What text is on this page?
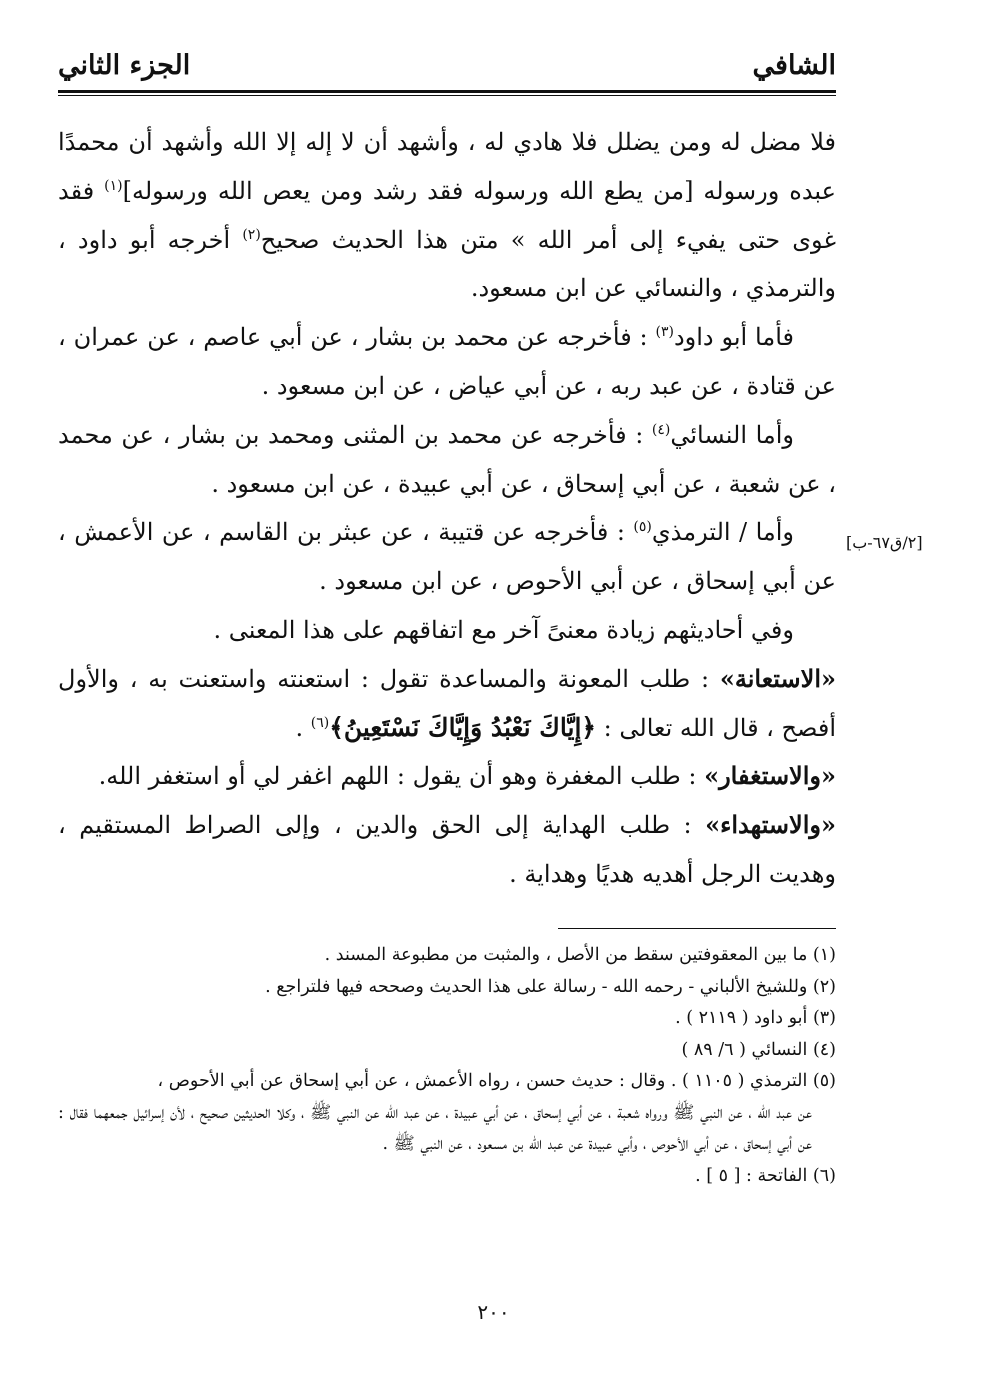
الشافي
الجزء الثاني

فلا مضل له ومن يضلل فلا هادي له ، وأشهد أن لا إله إلا الله وأشهد أن محمدًا عبده ورسوله [من يطع الله ورسوله فقد رشد ومن يعص الله ورسوله]$^{(١)}$ فقد غوى حتى يفيء إلى أمر الله » متن هذا الحديث صحيح$^{(٢)}$ أخرجه أبو داود ، والترمذي ، والنسائي عن ابن مسعود.

فأما أبو داود$^{(٣)}$ : فأخرجه عن محمد بن بشار ، عن أبي عاصم ، عن عمران ، عن قتادة ، عن عبد ربه ، عن أبي عياض ، عن ابن مسعود .

وأما النسائي$^{(٤)}$ : فأخرجه عن محمد بن المثنى ومحمد بن بشار ، عن محمد ، عن شعبة ، عن أبي إسحاق ، عن أبي عبيدة ، عن ابن مسعود .

وأما / الترمذي$^{(٥)}$ : فأخرجه عن قتيبة ، عن عبثر بن القاسم ، عن الأعمش ، عن أبي إسحاق ، عن أبي الأحوص ، عن ابن مسعود .

وفي أحاديثهم زيادة معنىً آخر مع اتفاقهم على هذا المعنى .

«الاستعانة» : طلب المعونة والمساعدة تقول : استعنته واستعنت به ، والأول أفصح ، قال الله تعالى : ﴿إِيَّاكَ نَعْبُدُ وَإِيَّاكَ نَسْتَعِينُ﴾$^{(٦)}$ .

«والاستغفار» : طلب المغفرة وهو أن يقول : اللهم اغفر لي أو استغفر الله.

«والاستهداء» : طلب الهداية إلى الحق والدين ، وإلى الصراط المستقيم ، وهديت الرجل أهديه هديًا وهداية .

[٢/ق٦٧-ب]

(١) ما بين المعقوفتين سقط من الأصل ، والمثبت من مطبوعة المسند .

(٢) وللشيخ الألباني - رحمه الله - رسالة على هذا الحديث وصححه فيها فلتراجع .

(٣) أبو داود ( ٢١١٩ ) .

(٤) النسائي ( ٦/ ٨٩ )

(٥) الترمذي ( ١١٠٥ ) . وقال : حديث حسن ، رواه الأعمش ، عن أبي إسحاق عن أبي الأحوص ،

عن عبد الله ، عن النبي ﷺ ورواه شعبة ، عن أبي إسحاق ، عن أبي عبيدة ، عن عبد الله عن النبي ﷺ ، وكلا الحديثين صحيح ، لأن إسرائيل جمعهما فقال : عن أبي إسحاق ، عن أبي الأحوص ، وأبي عبيدة عن عبد الله بن مسعود ، عن النبي ﷺ .

(٦) الفاتحة : [ ٥ ] .

٢٠٠
